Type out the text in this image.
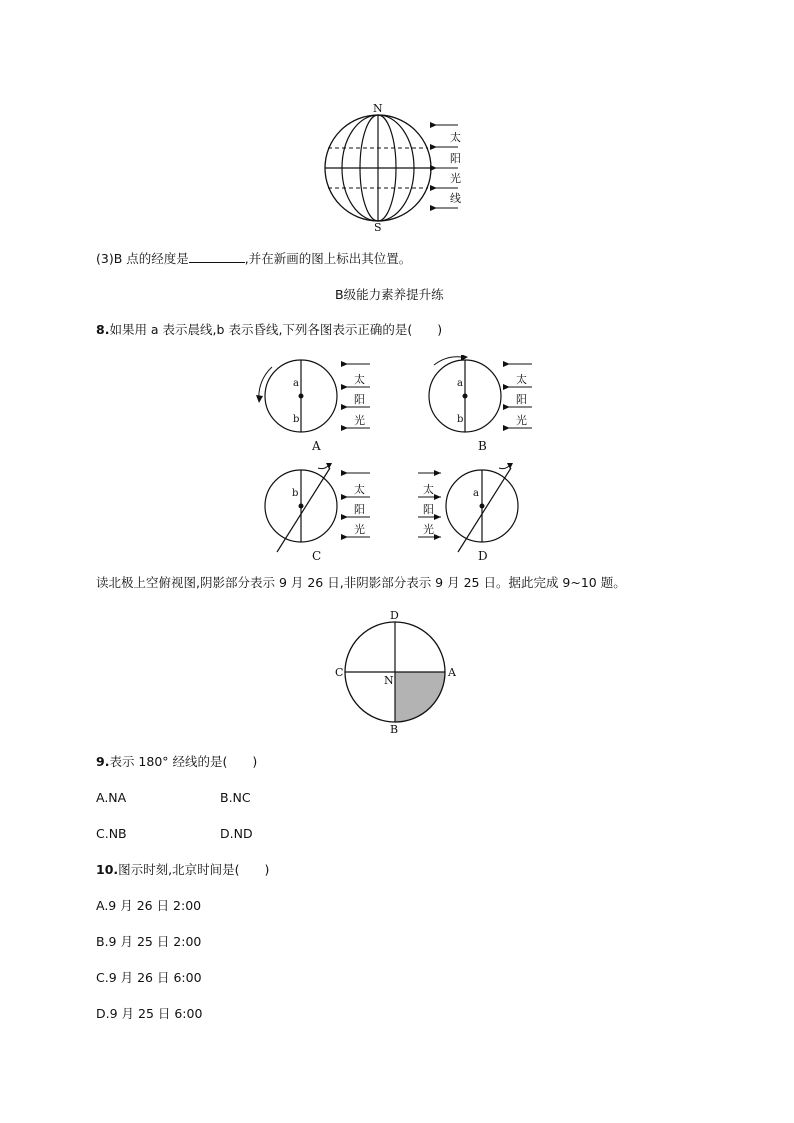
N
S
太
阳
光
线
(3)B 点的经度是	,并在新画的图上标出其位置。
B级能力素养提升练
8.如果用 a 表示晨线,b 表示昏线,下列各图表示正确的是(　　)
a
b
太
阳
光
A
a
b
太
阳
光
B
b	太
阳
光
C
a
太
阳
光
D
读北极上空俯视图,阴影部分表示 9 月 26 日,非阴影部分表示 9 月 25 日。据此完成 9~10 题。
D
C	A
B
N
9.表示 180° 经线的是(　　)
A.NA	B.NC
C.NB	D.ND
10.图示时刻,北京时间是(　　)
A.9 月 26 日 2:00
B.9 月 25 日 2:00
C.9 月 26 日 6:00
D.9 月 25 日 6:00
